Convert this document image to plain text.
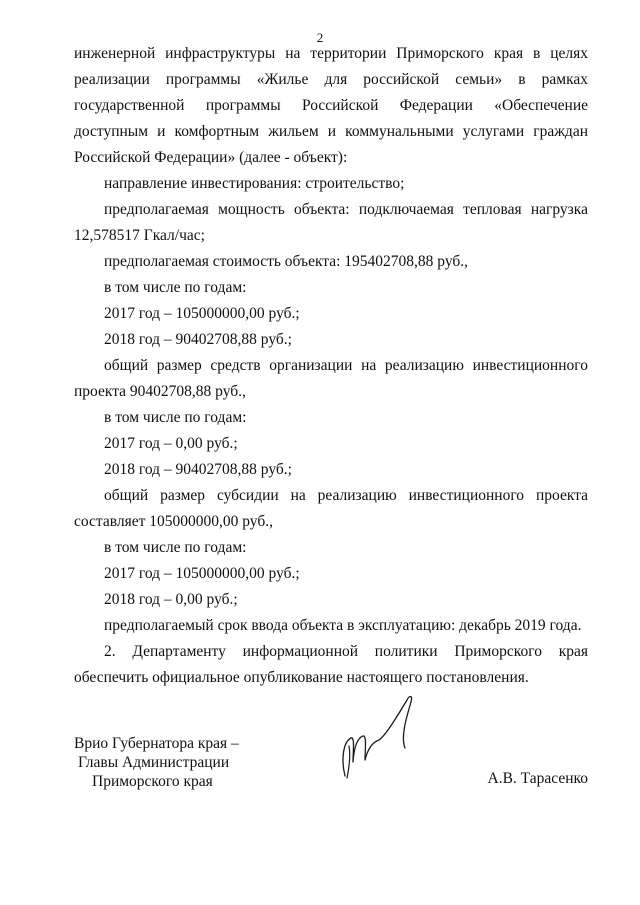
2

инженерной инфраструктуры на территории Приморского края в целях реализации программы «Жилье для российской семьи» в рамках государственной программы Российской Федерации «Обеспечение доступным и комфортным жильем и коммунальными услугами граждан Российской Федерации» (далее - объект):

направление инвестирования: строительство;

предполагаемая мощность объекта: подключаемая тепловая нагрузка 12,578517 Гкал/час;

предполагаемая стоимость объекта: 195402708,88 руб.,

в том числе по годам:

2017 год – 105000000,00 руб.;

2018 год – 90402708,88 руб.;

общий размер средств организации на реализацию инвестиционного проекта 90402708,88 руб.,

в том числе по годам:

2017 год – 0,00 руб.;

2018 год – 90402708,88 руб.;

общий размер субсидии на реализацию инвестиционного проекта составляет 105000000,00 руб.,

в том числе по годам:

2017 год – 105000000,00 руб.;

2018 год – 0,00 руб.;

предполагаемый срок ввода объекта в эксплуатацию: декабрь 2019 года.

2. Департаменту информационной политики Приморского края обеспечить официальное опубликование настоящего постановления.

Врио Губернатора края –
Главы Администрации
Приморского края	А.В. Тарасенко
